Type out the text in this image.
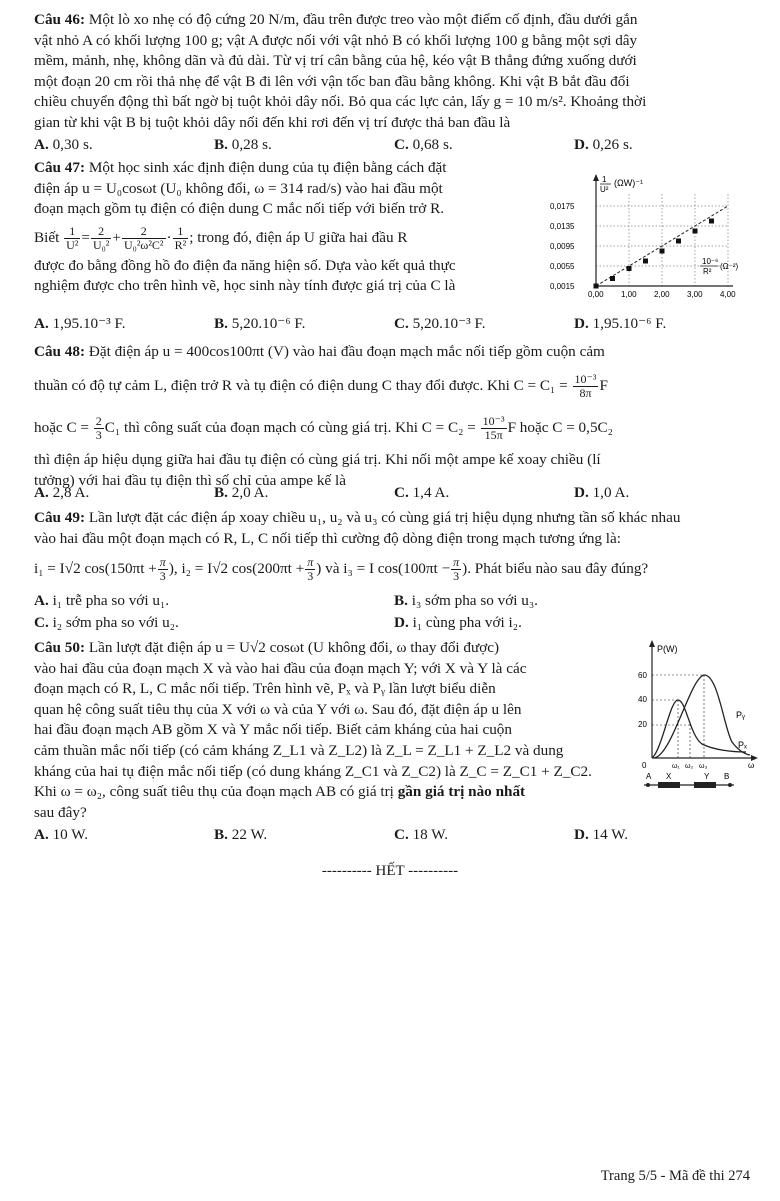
Câu 46: Một lò xo nhẹ có độ cứng 20 N/m, đầu trên được treo vào một điểm cố định, đầu dưới gắn
vật nhỏ A có khối lượng 100 g; vật A được nối với vật nhỏ B có khối lượng 100 g bằng một sợi dây
mềm, mảnh, nhẹ, không dãn và đủ dài. Từ vị trí cân bằng của hệ, kéo vật B thẳng đứng xuống dưới
một đoạn 20 cm rồi thả nhẹ để vật B đi lên với vận tốc ban đầu bằng không. Khi vật B bắt đầu đổi
chiều chuyển động thì bất ngờ bị tuột khỏi dây nối. Bỏ qua các lực cản, lấy g = 10 m/s². Khoảng thời
gian từ khi vật B bị tuột khỏi dây nối đến khi rơi đến vị trí được thả ban đầu là
A. 0,30 s.	B. 0,28 s.	C. 0,68 s.	D. 0,26 s.
Câu 47: Một học sinh xác định điện dung của tụ điện bằng cách đặt
điện áp u = U₀cosωt (U₀ không đổi, ω = 314 rad/s) vào hai đầu một
đoạn mạch gồm tụ điện có điện dung C mắc nối tiếp với biến trở R.
Biết $\frac{1}{\text{U²}} = \frac{2}{\text{U₀²}} + \frac{2}{\text{U₀²ω²C²}} \cdot \frac{1}{\text{R²}}$ ; trong đó, điện áp U giữa hai đầu R
được đo bằng đồng hồ đo điện đa năng hiện số. Dựa vào kết quả thực
nghiệm được cho trên hình vẽ, học sinh này tính được giá trị của C là
1
U²
(ΩW)⁻¹
10⁻⁶
R²
(Ω⁻²)
0,0175
0,0135
0,0095
0,0055
0,0015
0,00 1,00 2,00 3,00 4,00
A. 1,95.10⁻³ F.	B. 5,20.10⁻⁶ F.	C. 5,20.10⁻³ F.	D. 1,95.10⁻⁶ F.
Câu 48: Đặt điện áp u = 400cos100πt (V) vào hai đầu đoạn mạch mắc nối tiếp gồm cuộn cảm
thuần có độ tự cảm L, điện trở R và tụ điện có điện dung C thay đổi được. Khi $C = C_1 = \frac{\text{10⁻³}}{8\pi}$ F
hoặc $C = \frac{2}{3} C_1$ thì công suất của đoạn mạch có cùng giá trị. Khi $C = C_2 = \frac{\text{10⁻³}}{15\pi}$ F hoặc C = 0,5C₂
thì điện áp hiệu dụng giữa hai đầu tụ điện có cùng giá trị. Khi nối một ampe kế xoay chiều (lí
tưởng) với hai đầu tụ điện thì số chỉ của ampe kế là
A. 2,8 A.	B. 2,0 A.	C. 1,4 A.	D. 1,0 A.
Câu 49: Lần lượt đặt các điện áp xoay chiều u₁, u₂ và u₃ có cùng giá trị hiệu dụng nhưng tần số khác nhau
vào hai đầu một đoạn mạch có R, L, C nối tiếp thì cường độ dòng điện trong mạch tương ứng là:
i₁ = I√2 $\cos(150\pi t + \frac{\pi}{3}$ ), i₂ = I√2 $\cos(200\pi t + \frac{\pi}{3}$ ) và i₃ = I $\cos(100\pi t - \frac{\pi}{3}$ ). Phát biểu nào sau đây đúng?
A. i₁ trễ pha so với u₁.	B. i₃ sớm pha so với u₃.
C. i₂ sớm pha so với u₂.	D. i₁ cùng pha với i₂.
Câu 50: Lần lượt đặt điện áp u = U√2 cosωt (U không đổi, ω thay đổi được)
vào hai đầu của đoạn mạch X và vào hai đầu của đoạn mạch Y; với X và Y là các
đoạn mạch có R, L, C mắc nối tiếp. Trên hình vẽ, Pₓ và Pᵧ lần lượt biểu diễn
quan hệ công suất tiêu thụ của X với ω và của Y với ω. Sau đó, đặt điện áp u lên
hai đầu đoạn mạch AB gồm X và Y mắc nối tiếp. Biết cảm kháng của hai cuộn
cảm thuần mắc nối tiếp (có cảm kháng Z_L1 và Z_L2) là Z_L = Z_L1 + Z_L2 và dung
kháng của hai tụ điện mắc nối tiếp (có dung kháng Z_C1 và Z_C2) là Z_C = Z_C1 + Z_C2.
Khi ω = ω₂, công suất tiêu thụ của đoạn mạch AB có giá trị gần giá trị nào nhất
sau đây?
P(W)
60
40
20
0
Pᵧ
Pₓ
ω₁ ω₂ ω₃	ω
A X	Y B
A. 10 W.	B. 22 W.	C. 18 W.	D. 14 W.
---------- HẾT ----------
Trang 5/5 - Mã đề thi 274
